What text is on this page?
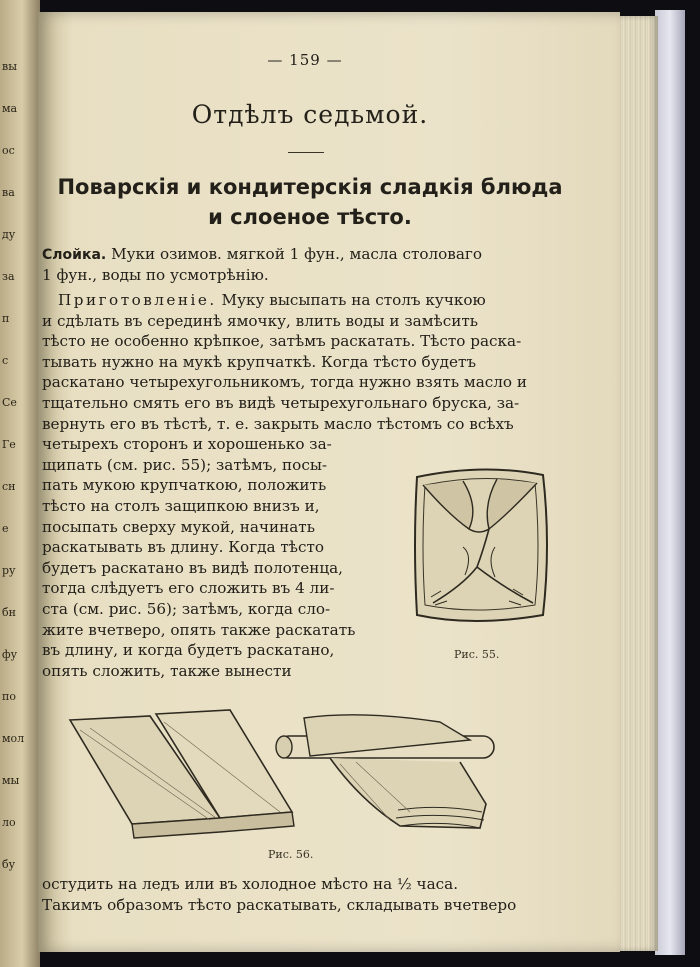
вы
ма
ос
ва
ду
за
п
с
Се
Ге
сн
е
ру
бн
фу
по
мол
мы
ло
бу
— 159 —
Отдѣлъ седьмой.
Поварскія и кондитерскія сладкія блюда
и слоеное тѣсто.
Слойка. Муки озимов. мягкой 1 фун., масла столоваго
1 фун., воды по усмотрѣнію.
Приготовленіе. Муку высыпать на столъ кучкою
и сдѣлать въ серединѣ ямочку, влить воды и замѣсить
тѣсто не особенно крѣпкое, затѣмъ раскатать. Тѣсто раска-
тывать нужно на мукѣ крупчаткѣ. Когда тѣсто будетъ
раскатано четырехугольникомъ, тогда нужно взять масло и
тщательно смять его въ видѣ четырехугольнаго бруска, за-
вернуть его въ тѣстѣ, т. е. закрыть масло тѣстомъ со всѣхъ
четырехъ сторонъ и хорошенько за-
щипать (см. рис. 55); затѣмъ, посы-
пать мукою крупчаткою, положить
тѣсто на столъ защипкою внизъ и,
посыпать сверху мукой, начинать
раскатывать въ длину. Когда тѣсто
будетъ раскатано въ видѣ полотенца,
тогда слѣдуетъ его сложить въ 4 ли-
ста (см. рис. 56); затѣмъ, когда сло-
жите вчетверо, опять также раскатать
въ длину, и когда будетъ раскатано,
опять сложить, также вынести
Рис. 55.
Рис. 56.
остудить на ледъ или въ холодное мѣсто на ½ часа.
Такимъ образомъ тѣсто раскатывать, складывать вчетверо
